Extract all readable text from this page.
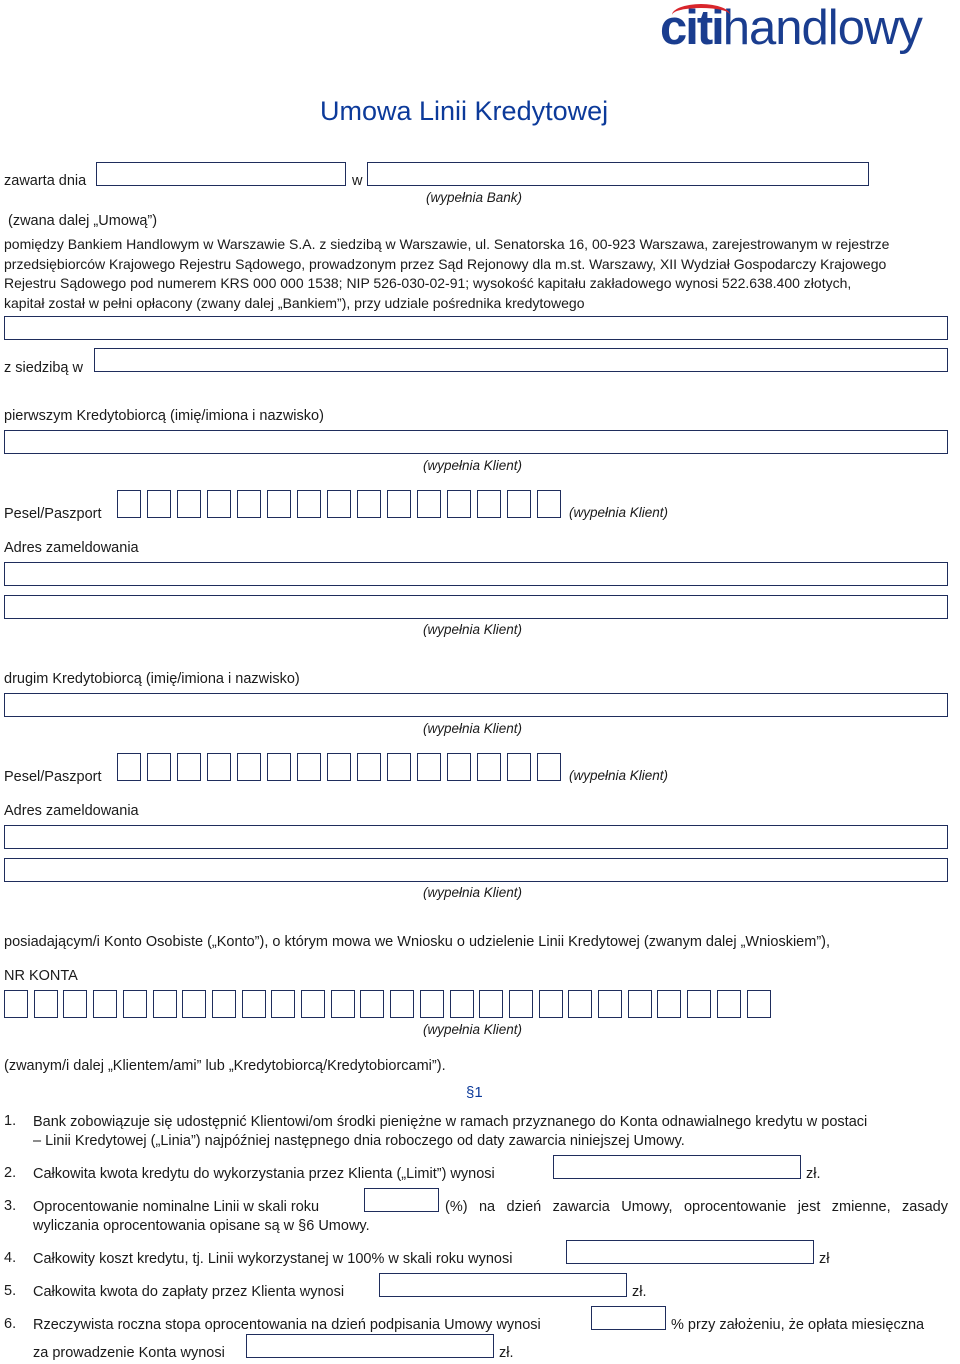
citihandlowy
Umowa Linii Kredytowej
zawarta dnia	w
(wypełnia Bank)
(zwana dalej „Umową”)
pomiędzy Bankiem Handlowym w Warszawie S.A. z siedzibą w Warszawie, ul. Senatorska 16, 00-923 Warszawa, zarejestrowanym w rejestrze
przedsiębiorców Krajowego Rejestru Sądowego, prowadzonym przez Sąd Rejonowy dla m.st. Warszawy, XII Wydział Gospodarczy Krajowego
Rejestru Sądowego pod numerem KRS 000 000 1538; NIP 526-030-02-91; wysokość kapitału zakładowego wynosi 522.638.400 złotych,
kapitał został w pełni opłacony (zwany dalej „Bankiem”), przy udziale pośrednika kredytowego
z siedzibą w
pierwszym Kredytobiorcą (imię/imiona i nazwisko)
(wypełnia Klient)
Pesel/Paszport	(wypełnia Klient)
Adres zameldowania
(wypełnia Klient)
drugim Kredytobiorcą (imię/imiona i nazwisko)
(wypełnia Klient)
Pesel/Paszport	(wypełnia Klient)
Adres zameldowania
(wypełnia Klient)
posiadającym/i Konto Osobiste („Konto”), o którym mowa we Wniosku o udzielenie Linii Kredytowej (zwanym dalej „Wnioskiem”),
NR KONTA
(wypełnia Klient)
(zwanym/i dalej „Klientem/ami” lub „Kredytobiorcą/Kredytobiorcami”).
§1
1. Bank zobowiązuje się udostępnić Klientowi/om środki pieniężne w ramach przyznanego do Konta odnawialnego kredytu w postaci
– Linii Kredytowej („Linia”) najpóźniej następnego dnia roboczego od daty zawarcia niniejszej Umowy.
2. Całkowita kwota kredytu do wykorzystania przez Klienta („Limit”) wynosi	zł.
3. Oprocentowanie nominalne Linii w skali roku	(%) na dzień zawarcia Umowy, oprocentowanie jest zmienne, zasady
wyliczania oprocentowania opisane są w §6 Umowy.
4. Całkowity koszt kredytu, tj. Linii wykorzystanej w 100% w skali roku wynosi	zł
5. Całkowita kwota do zapłaty przez Klienta wynosi	zł.
6. Rzeczywista roczna stopa oprocentowania na dzień podpisania Umowy wynosi	% przy założeniu, że opłata miesięczna
za prowadzenie Konta wynosi	zł.
